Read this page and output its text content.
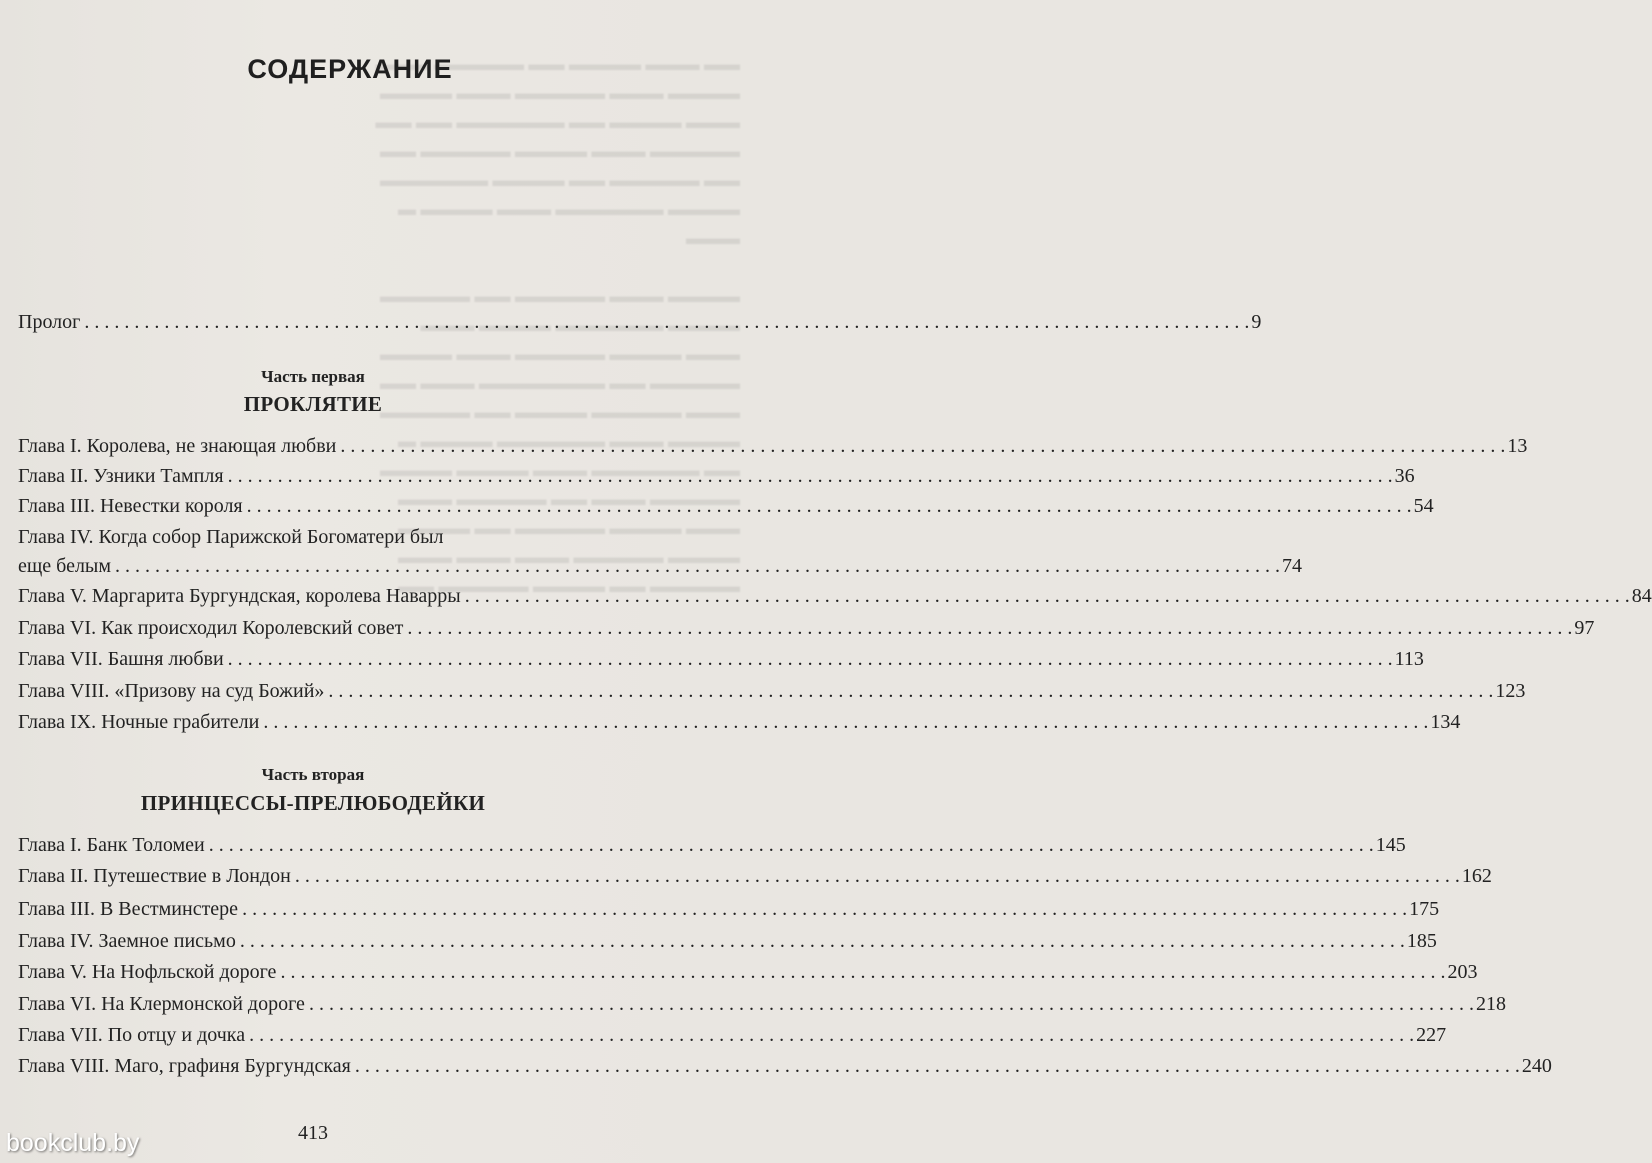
▬▬ ▬▬▬ ▬▬▬▬ ▬▬ ▬▬▬▬▬ ▬▬▬
▬▬▬▬ ▬▬▬ ▬▬▬▬▬ ▬▬▬ ▬▬▬▬
▬▬▬ ▬▬▬▬ ▬▬ ▬▬▬▬▬▬ ▬▬ ▬▬
▬▬▬▬▬ ▬▬▬ ▬▬▬▬ ▬▬▬▬▬ ▬▬
▬▬ ▬▬▬▬▬ ▬▬ ▬▬▬▬ ▬▬▬▬▬▬
▬▬▬▬ ▬▬▬▬▬▬ ▬▬▬ ▬▬▬▬ ▬
▬▬▬

▬▬▬▬ ▬▬▬ ▬▬▬▬▬ ▬▬ ▬▬▬▬▬
▬▬▬▬ ▬▬▬▬▬▬ ▬▬▬▬ ▬▬▬
▬▬▬ ▬▬▬▬ ▬▬▬▬▬ ▬▬▬ ▬▬▬▬
▬▬▬▬▬ ▬▬ ▬▬▬▬▬▬▬ ▬▬▬ ▬▬
▬▬▬ ▬▬▬▬▬ ▬▬▬▬ ▬▬ ▬▬▬▬▬
▬▬▬▬ ▬▬▬ ▬▬▬▬▬▬ ▬▬▬▬ ▬
▬▬ ▬▬▬▬▬▬ ▬▬▬ ▬▬▬▬ ▬▬▬▬
▬▬▬▬▬ ▬▬▬ ▬▬ ▬▬▬▬▬ ▬▬▬
▬▬▬ ▬▬▬▬ ▬▬▬▬▬ ▬▬ ▬▬▬▬
▬▬▬▬ ▬▬▬▬▬ ▬▬▬ ▬▬▬ ▬▬▬
▬▬▬▬▬ ▬▬ ▬▬▬▬ ▬▬▬▬▬ ▬▬
СОДЕРЖАНИЕ
Пролог . . .	9
Часть первая
ПРОКЛЯТИЕ
Глава I. Королева, не знающая любви . . .	13
Глава II. Узники Тампля . . .	36
Глава III. Невестки короля . . .	54
Глава IV. Когда собор Парижской Богоматери был
еще белым . . .	74
Глава V. Маргарита Бургундская, королева Наварры . . .	84
Глава VI. Как происходил Королевский совет . . .	97
Глава VII. Башня любви . . .	113
Глава VIII. «Призову на суд Божий» . . .	123
Глава IX. Ночные грабители . . .	134
Часть вторая
ПРИНЦЕССЫ-ПРЕЛЮБОДЕЙКИ
Глава I. Банк Толомеи . . .	145
Глава II. Путешествие в Лондон . . .	162
Глава III. В Вестминстере . . .	175
Глава IV. Заемное письмо . . .	185
Глава V. На Нофльской дороге . . .	203
Глава VI. На Клермонской дороге . . .	218
Глава VII. По отцу и дочка . . .	227
Глава VIII. Маго, графиня Бургундская . . .	240
413
bookclub.by
